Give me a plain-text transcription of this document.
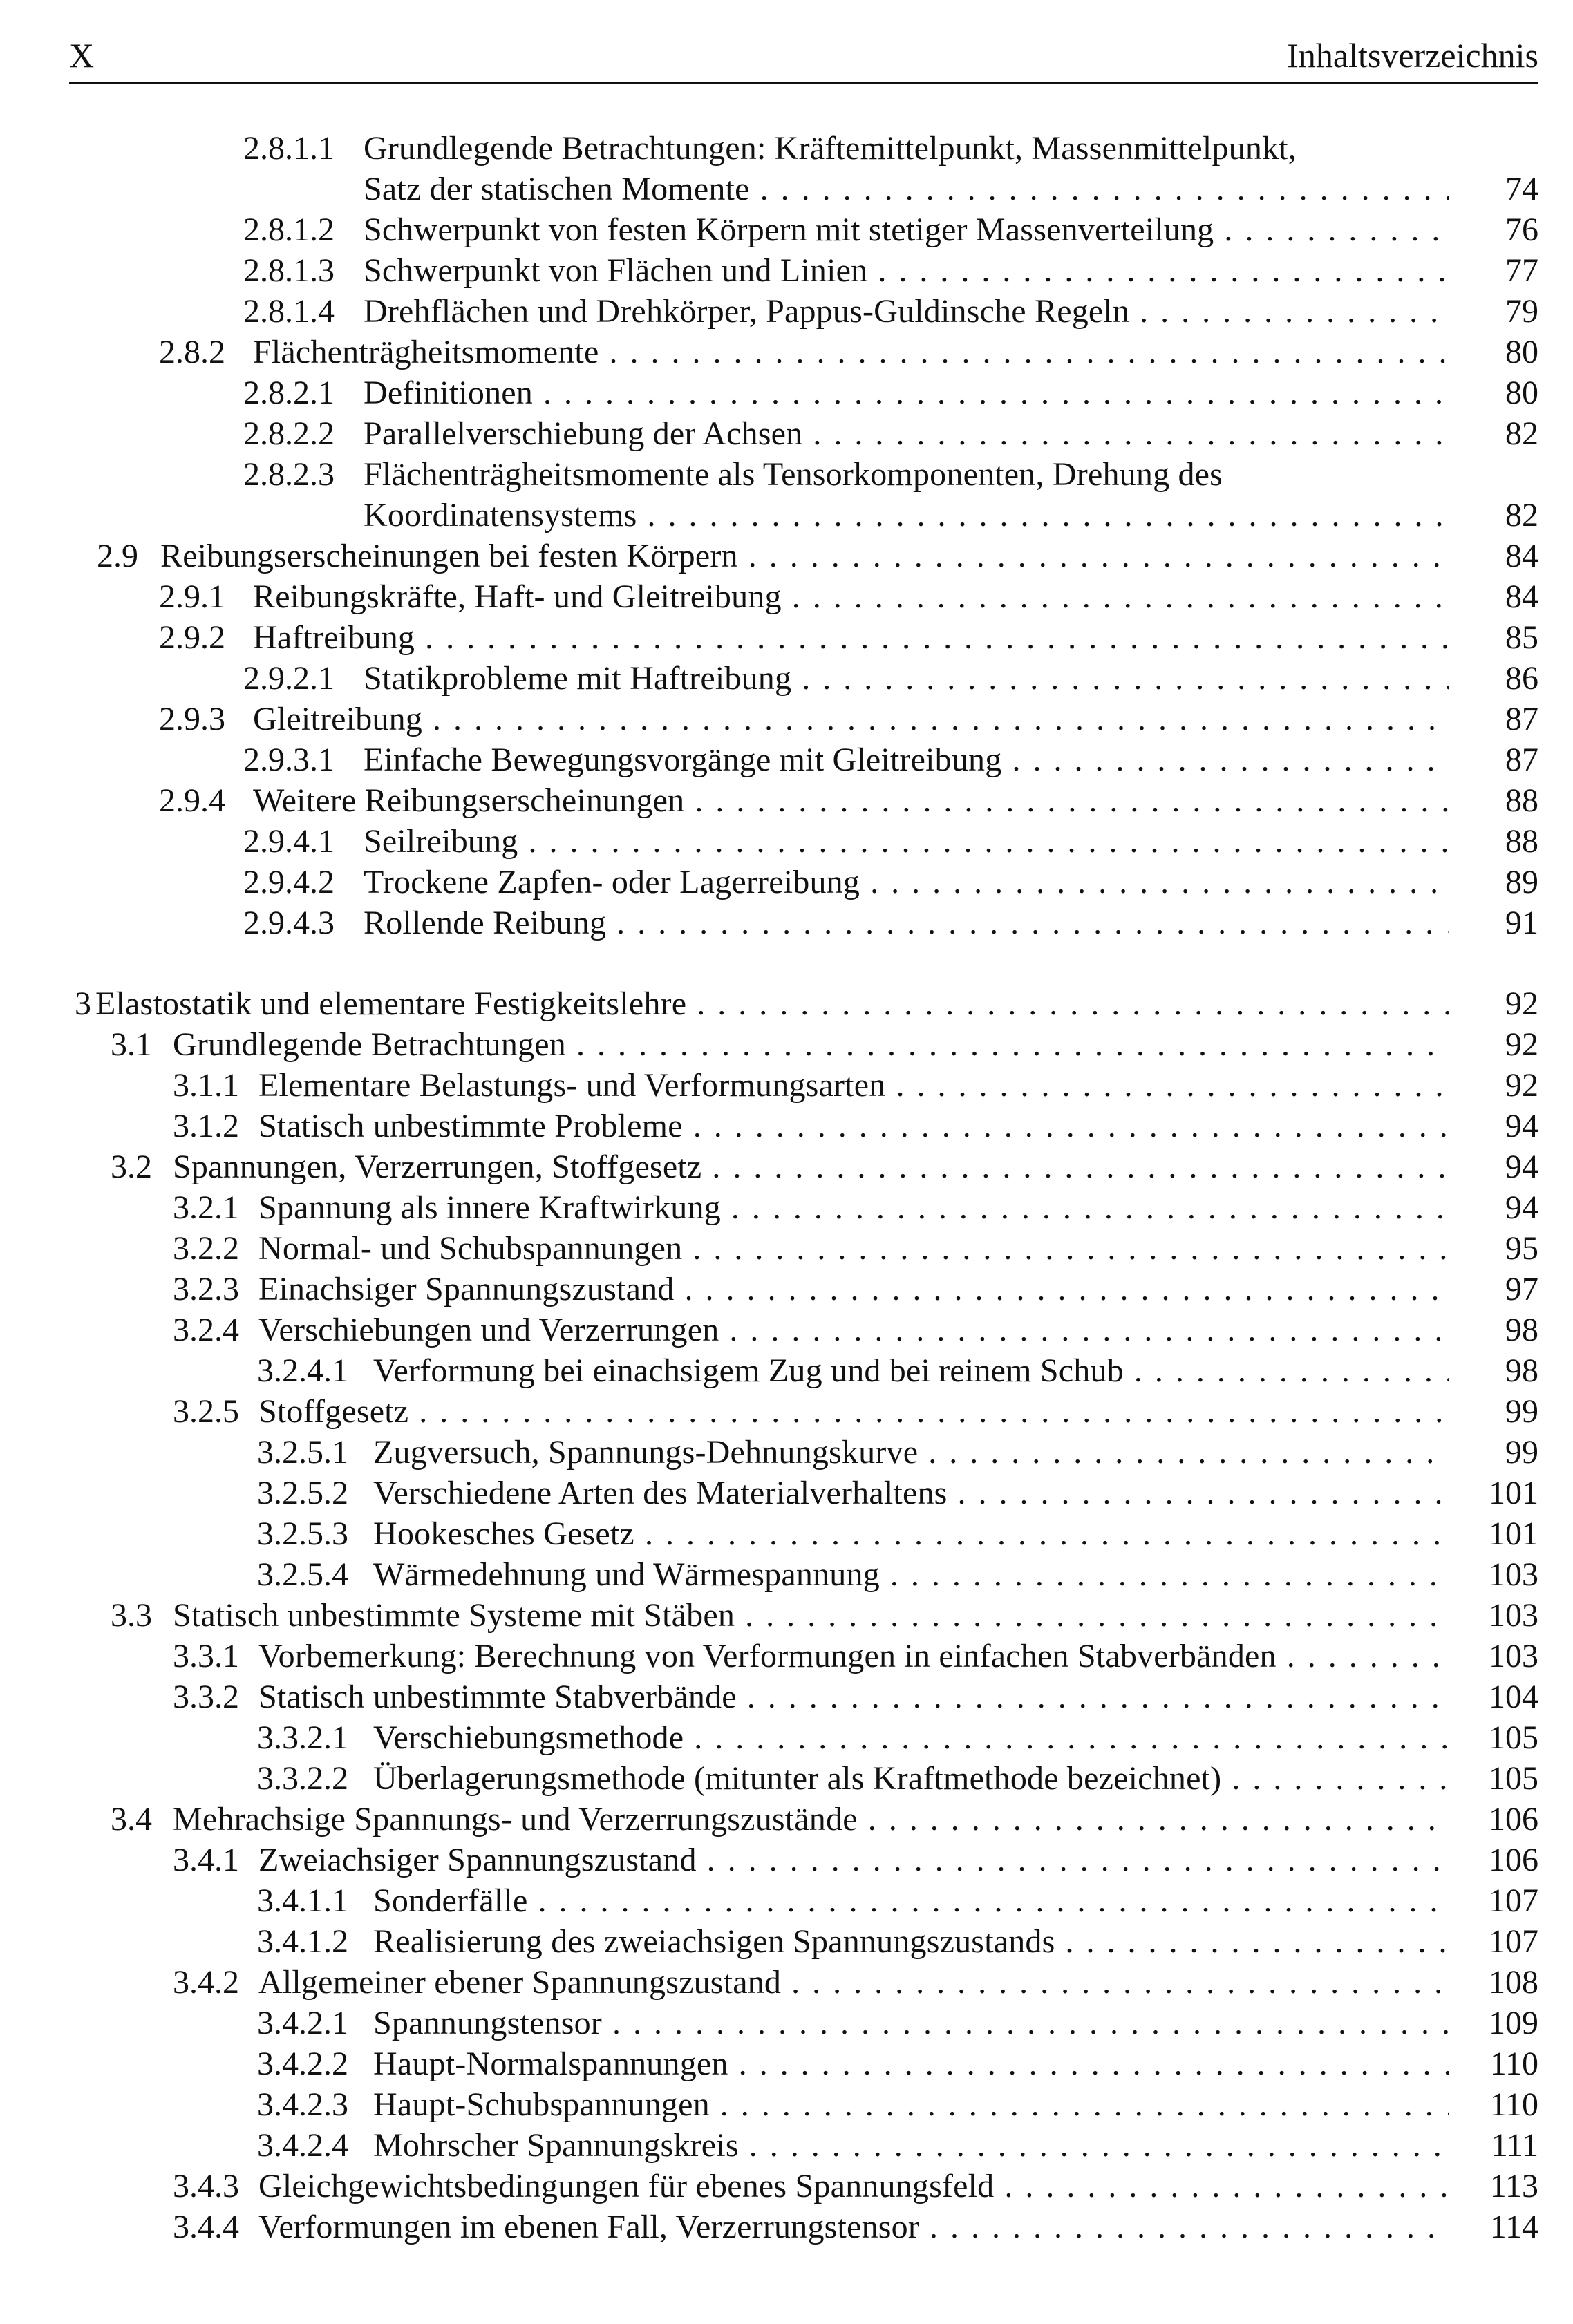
X	Inhaltsverzeichnis
2.8.1.1 Grundlegende Betrachtungen: Kräftemittelpunkt, Massenmittelpunkt,
Satz der statischen Momente . . .	74
2.8.1.2 Schwerpunkt von festen Körpern mit stetiger Massenverteilung . . .	76
2.8.1.3 Schwerpunkt von Flächen und Linien . . .	77
2.8.1.4 Drehflächen und Drehkörper, Pappus-Guldinsche Regeln . . .	79
2.8.2 Flächenträgheitsmomente . . .	80
2.8.2.1 Definitionen . . .	80
2.8.2.2 Parallelverschiebung der Achsen . . .	82
2.8.2.3 Flächenträgheitsmomente als Tensorkomponenten, Drehung des
Koordinatensystems . . .	82
2.9 Reibungserscheinungen bei festen Körpern . . .	84
2.9.1 Reibungskräfte, Haft- und Gleitreibung . . .	84
2.9.2 Haftreibung . . .	85
2.9.2.1 Statikprobleme mit Haftreibung . . .	86
2.9.3 Gleitreibung . . .	87
2.9.3.1 Einfache Bewegungsvorgänge mit Gleitreibung . . .	87
2.9.4 Weitere Reibungserscheinungen . . .	88
2.9.4.1 Seilreibung . . .	88
2.9.4.2 Trockene Zapfen- oder Lagerreibung . . .	89
2.9.4.3 Rollende Reibung . . .	91
3 Elastostatik und elementare Festigkeitslehre . . .	92
3.1 Grundlegende Betrachtungen . . .	92
3.1.1 Elementare Belastungs- und Verformungsarten . . .	92
3.1.2 Statisch unbestimmte Probleme . . .	94
3.2 Spannungen, Verzerrungen, Stoffgesetz . . .	94
3.2.1 Spannung als innere Kraftwirkung . . .	94
3.2.2 Normal- und Schubspannungen . . .	95
3.2.3 Einachsiger Spannungszustand . . .	97
3.2.4 Verschiebungen und Verzerrungen . . .	98
3.2.4.1 Verformung bei einachsigem Zug und bei reinem Schub . . .	98
3.2.5 Stoffgesetz . . .	99
3.2.5.1 Zugversuch, Spannungs-Dehnungskurve . . .	99
3.2.5.2 Verschiedene Arten des Materialverhaltens . . .	101
3.2.5.3 Hookesches Gesetz . . .	101
3.2.5.4 Wärmedehnung und Wärmespannung . . .	103
3.3 Statisch unbestimmte Systeme mit Stäben . . .	103
3.3.1 Vorbemerkung: Berechnung von Verformungen in einfachen Stabverbänden . . .	103
3.3.2 Statisch unbestimmte Stabverbände . . .	104
3.3.2.1 Verschiebungsmethode . . .	105
3.3.2.2 Überlagerungsmethode (mitunter als Kraftmethode bezeichnet) . . .	105
3.4 Mehrachsige Spannungs- und Verzerrungszustände . . .	106
3.4.1 Zweiachsiger Spannungszustand . . .	106
3.4.1.1 Sonderfälle . . .	107
3.4.1.2 Realisierung des zweiachsigen Spannungszustands . . .	107
3.4.2 Allgemeiner ebener Spannungszustand . . .	108
3.4.2.1 Spannungstensor . . .	109
3.4.2.2 Haupt-Normalspannungen . . .	110
3.4.2.3 Haupt-Schubspannungen . . .	110
3.4.2.4 Mohrscher Spannungskreis . . .	111
3.4.3 Gleichgewichtsbedingungen für ebenes Spannungsfeld . . .	113
3.4.4 Verformungen im ebenen Fall, Verzerrungstensor . . .	114
